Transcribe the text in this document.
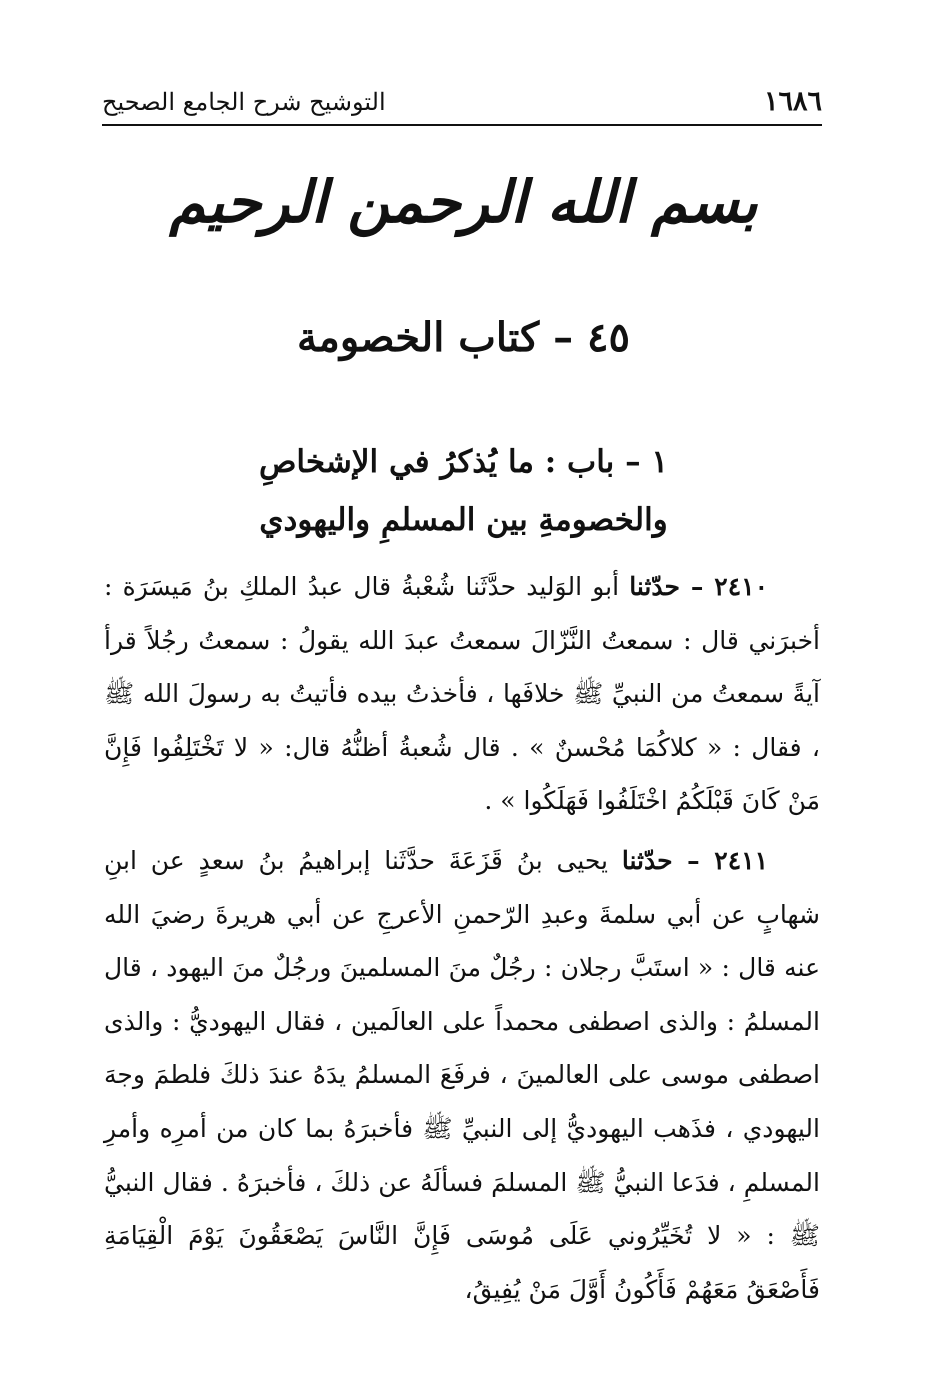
١٦٨٦
التوشيح شرح الجامع الصحيح
بسم الله الرحمن الرحيم
٤٥ – كتاب الخصومة
١ – باب : ما يُذكرُ في الإشخاصِ
والخصومةِ بين المسلمِ واليهودي

٢٤١٠ – حدّثنا أبو الوَليد حدَّثَنا شُعْبةُ قال عبدُ الملكِ بنُ مَيسَرَة : أخبرَني قال : سمعتُ النَّزّالَ سمعتُ عبدَ الله يقولُ : سمعتُ رجُلاً قرأ آيةً سمعتُ من النبيِّ ﷺ خلافَها ، فأخذتُ بيده فأتيتُ به رسولَ الله ﷺ ، فقال : « كلاكُمَا مُحْسنٌ » . قال شُعبةُ أظنُّهُ قال: « لا تَخْتَلِفُوا فَإِنَّ مَنْ كَانَ قَبْلَكُمُ اخْتَلَفُوا فَهَلَكُوا » .

٢٤١١ – حدّثنا يحيى بنُ قَزَعَةَ حدَّثَنا إبراهيمُ بنُ سعدٍ عن ابنِ شهابٍ عن أبي سلمةَ وعبدِ الرّحمنِ الأعرجِ عن أبي هريرةَ رضيَ الله عنه قال : « استَبَّ رجلان : رجُلٌ منَ المسلمينَ ورجُلٌ منَ اليهود ، قال المسلمُ : والذى اصطفى محمداً على العالَمين ، فقال اليهوديُّ : والذى اصطفى موسى على العالمينَ ، فرفَعَ المسلمُ يدَهُ عندَ ذلكَ فلطمَ وجهَ اليهودي ، فذَهب اليهوديُّ إلى النبيِّ ﷺ فأخبرَهُ بما كان من أمرِه وأمرِ المسلمِ ، فدَعا النبيُّ ﷺ المسلمَ فسألَهُ عن ذلكَ ، فأخبرَهُ . فقال النبيُّ ﷺ : « لا تُخَيِّرُوني عَلَى مُوسَى فَإِنَّ النَّاسَ يَصْعَقُونَ يَوْمَ الْقِيَامَةِ فَأَصْعَقُ مَعَهُمْ فَأَكُونُ أَوَّلَ مَنْ يُفِيقُ،
